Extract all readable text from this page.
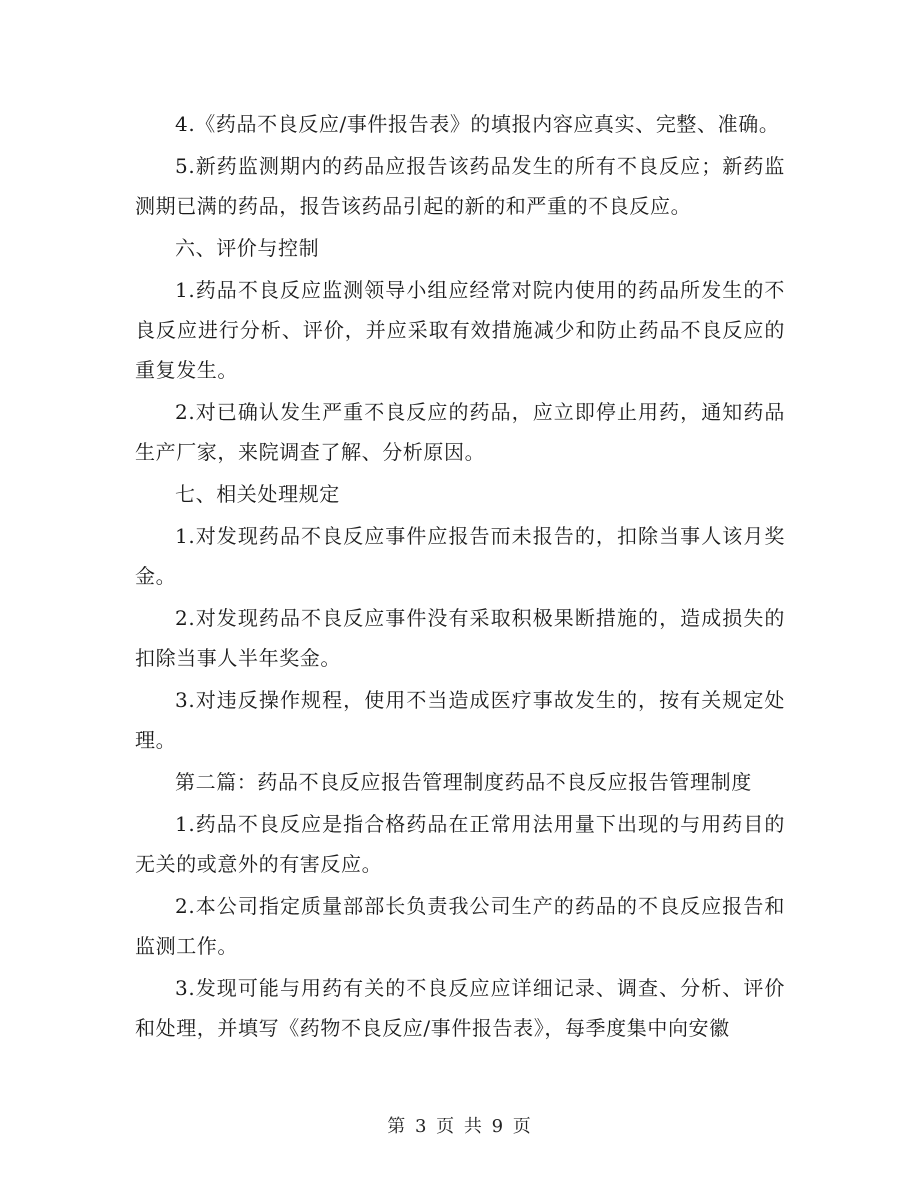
4.《药品不良反应/事件报告表》的填报内容应真实、完整、准确。

5.新药监测期内的药品应报告该药品发生的所有不良反应；新药监测期已满的药品，报告该药品引起的新的和严重的不良反应。

六、评价与控制

1.药品不良反应监测领导小组应经常对院内使用的药品所发生的不良反应进行分析、评价，并应采取有效措施减少和防止药品不良反应的重复发生。

2.对已确认发生严重不良反应的药品，应立即停止用药，通知药品生产厂家，来院调查了解、分析原因。

七、相关处理规定

1.对发现药品不良反应事件应报告而未报告的，扣除当事人该月奖金。

2.对发现药品不良反应事件没有采取积极果断措施的，造成损失的扣除当事人半年奖金。

3.对违反操作规程，使用不当造成医疗事故发生的，按有关规定处理。

第二篇：药品不良反应报告管理制度药品不良反应报告管理制度

1.药品不良反应是指合格药品在正常用法用量下出现的与用药目的无关的或意外的有害反应。

2.本公司指定质量部部长负责我公司生产的药品的不良反应报告和监测工作。

3.发现可能与用药有关的不良反应应详细记录、调查、分析、评价和处理，并填写《药物不良反应/事件报告表》，每季度集中向安徽

第 3 页 共 9 页
